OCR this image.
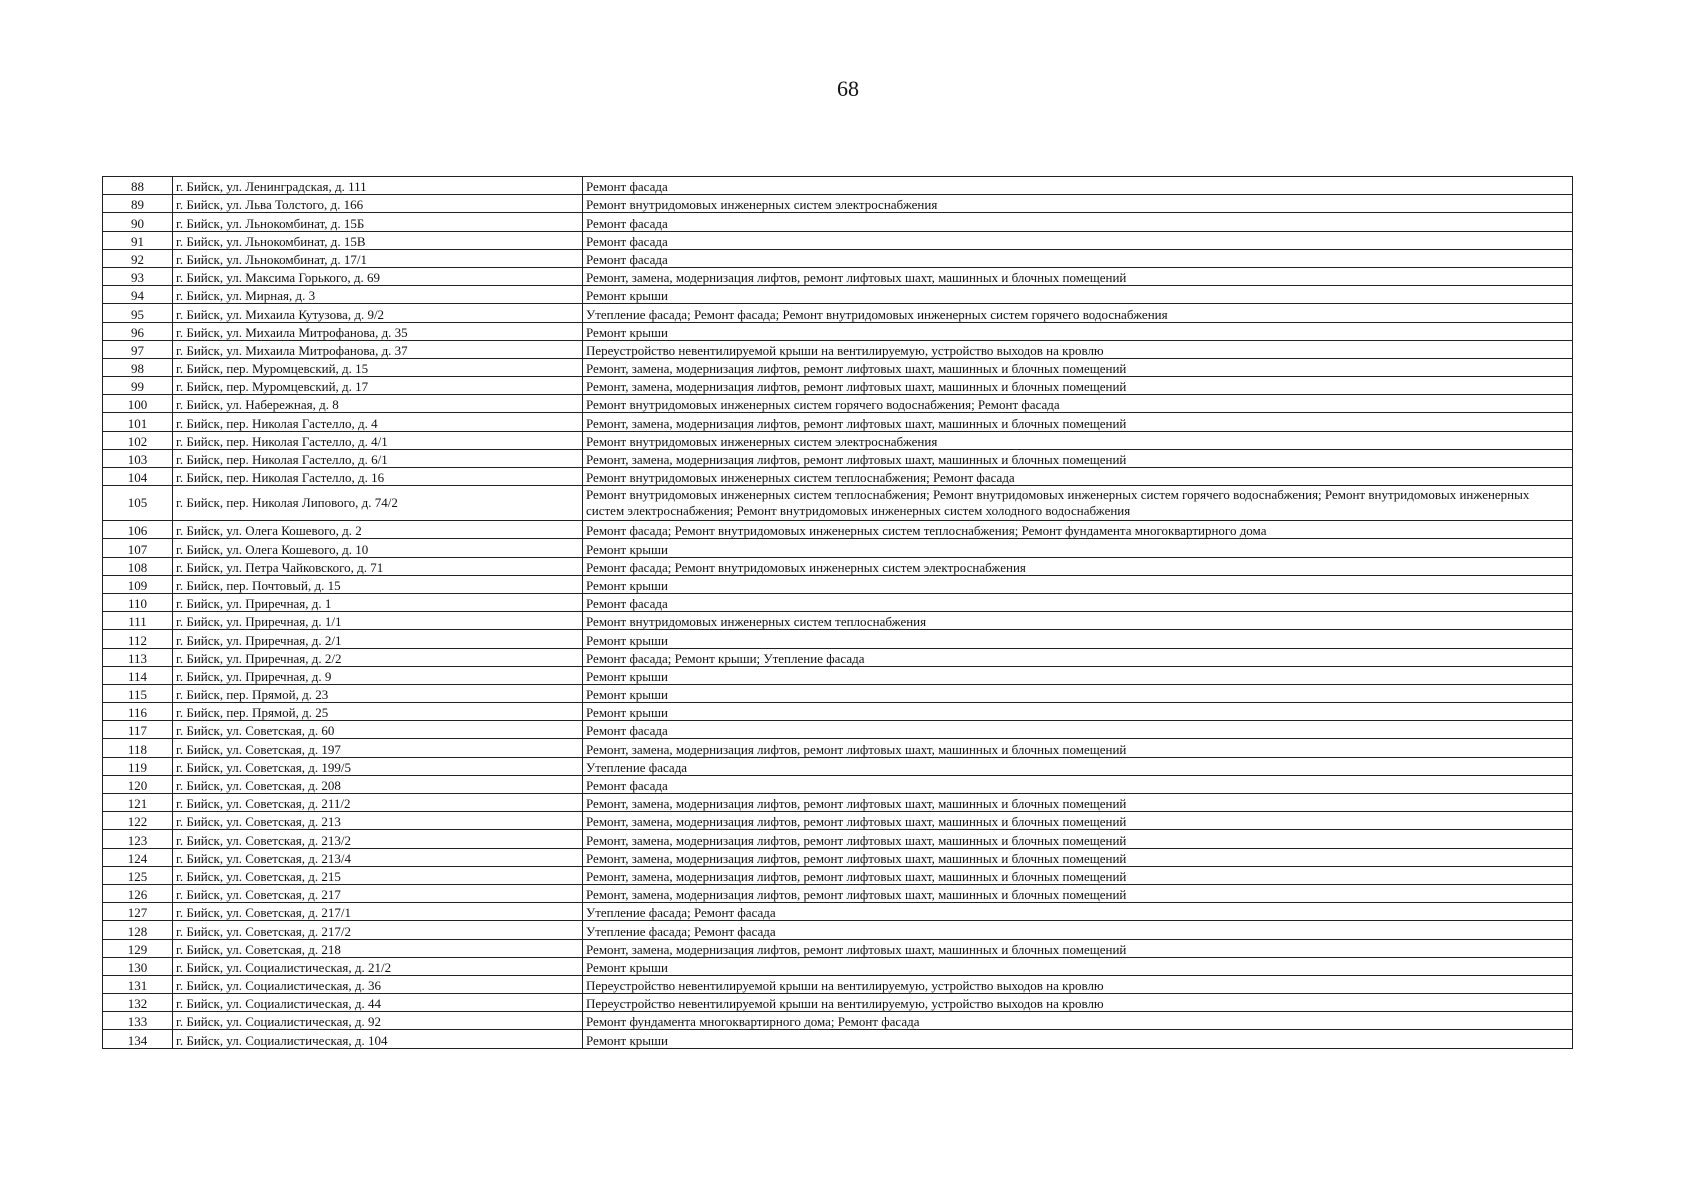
68
88	г. Бийск, ул. Ленинградская, д. 111	Ремонт фасада
89	г. Бийск, ул. Льва Толстого, д. 166	Ремонт внутридомовых инженерных систем электроснабжения
90	г. Бийск, ул. Льнокомбинат, д. 15Б	Ремонт фасада
91	г. Бийск, ул. Льнокомбинат, д. 15В	Ремонт фасада
92	г. Бийск, ул. Льнокомбинат, д. 17/1	Ремонт фасада
93	г. Бийск, ул. Максима Горького, д. 69	Ремонт, замена, модернизация лифтов, ремонт лифтовых шахт, машинных и блочных помещений
94	г. Бийск, ул. Мирная, д. 3	Ремонт крыши
95	г. Бийск, ул. Михаила Кутузова, д. 9/2	Утепление фасада; Ремонт фасада; Ремонт внутридомовых инженерных систем горячего водоснабжения
96	г. Бийск, ул. Михаила Митрофанова, д. 35	Ремонт крыши
97	г. Бийск, ул. Михаила Митрофанова, д. 37	Переустройство невентилируемой крыши на вентилируемую, устройство выходов на кровлю
98	г. Бийск, пер. Муромцевский, д. 15	Ремонт, замена, модернизация лифтов, ремонт лифтовых шахт, машинных и блочных помещений
99	г. Бийск, пер. Муромцевский, д. 17	Ремонт, замена, модернизация лифтов, ремонт лифтовых шахт, машинных и блочных помещений
100	г. Бийск, ул. Набережная, д. 8	Ремонт внутридомовых инженерных систем горячего водоснабжения; Ремонт фасада
101	г. Бийск, пер. Николая Гастелло, д. 4	Ремонт, замена, модернизация лифтов, ремонт лифтовых шахт, машинных и блочных помещений
102	г. Бийск, пер. Николая Гастелло, д. 4/1	Ремонт внутридомовых инженерных систем электроснабжения
103	г. Бийск, пер. Николая Гастелло, д. 6/1	Ремонт, замена, модернизация лифтов, ремонт лифтовых шахт, машинных и блочных помещений
104	г. Бийск, пер. Николая Гастелло, д. 16	Ремонт внутридомовых инженерных систем теплоснабжения; Ремонт фасада
105	г. Бийск, пер. Николая Липового, д. 74/2	Ремонт внутридомовых инженерных систем теплоснабжения; Ремонт внутридомовых инженерных систем горячего водоснабжения; Ремонт внутридомовых инженерных систем электроснабжения; Ремонт внутридомовых инженерных систем холодного водоснабжения
106	г. Бийск, ул. Олега Кошевого, д. 2	Ремонт фасада; Ремонт внутридомовых инженерных систем теплоснабжения; Ремонт фундамента многоквартирного дома
107	г. Бийск, ул. Олега Кошевого, д. 10	Ремонт крыши
108	г. Бийск, ул. Петра Чайковского, д. 71	Ремонт фасада; Ремонт внутридомовых инженерных систем электроснабжения
109	г. Бийск, пер. Почтовый, д. 15	Ремонт крыши
110	г. Бийск, ул. Приречная, д. 1	Ремонт фасада
111	г. Бийск, ул. Приречная, д. 1/1	Ремонт внутридомовых инженерных систем теплоснабжения
112	г. Бийск, ул. Приречная, д. 2/1	Ремонт крыши
113	г. Бийск, ул. Приречная, д. 2/2	Ремонт фасада; Ремонт крыши; Утепление фасада
114	г. Бийск, ул. Приречная, д. 9	Ремонт крыши
115	г. Бийск, пер. Прямой, д. 23	Ремонт крыши
116	г. Бийск, пер. Прямой, д. 25	Ремонт крыши
117	г. Бийск, ул. Советская, д. 60	Ремонт фасада
118	г. Бийск, ул. Советская, д. 197	Ремонт, замена, модернизация лифтов, ремонт лифтовых шахт, машинных и блочных помещений
119	г. Бийск, ул. Советская, д. 199/5	Утепление фасада
120	г. Бийск, ул. Советская, д. 208	Ремонт фасада
121	г. Бийск, ул. Советская, д. 211/2	Ремонт, замена, модернизация лифтов, ремонт лифтовых шахт, машинных и блочных помещений
122	г. Бийск, ул. Советская, д. 213	Ремонт, замена, модернизация лифтов, ремонт лифтовых шахт, машинных и блочных помещений
123	г. Бийск, ул. Советская, д. 213/2	Ремонт, замена, модернизация лифтов, ремонт лифтовых шахт, машинных и блочных помещений
124	г. Бийск, ул. Советская, д. 213/4	Ремонт, замена, модернизация лифтов, ремонт лифтовых шахт, машинных и блочных помещений
125	г. Бийск, ул. Советская, д. 215	Ремонт, замена, модернизация лифтов, ремонт лифтовых шахт, машинных и блочных помещений
126	г. Бийск, ул. Советская, д. 217	Ремонт, замена, модернизация лифтов, ремонт лифтовых шахт, машинных и блочных помещений
127	г. Бийск, ул. Советская, д. 217/1	Утепление фасада; Ремонт фасада
128	г. Бийск, ул. Советская, д. 217/2	Утепление фасада; Ремонт фасада
129	г. Бийск, ул. Советская, д. 218	Ремонт, замена, модернизация лифтов, ремонт лифтовых шахт, машинных и блочных помещений
130	г. Бийск, ул. Социалистическая, д. 21/2	Ремонт крыши
131	г. Бийск, ул. Социалистическая, д. 36	Переустройство невентилируемой крыши на вентилируемую, устройство выходов на кровлю
132	г. Бийск, ул. Социалистическая, д. 44	Переустройство невентилируемой крыши на вентилируемую, устройство выходов на кровлю
133	г. Бийск, ул. Социалистическая, д. 92	Ремонт фундамента многоквартирного дома; Ремонт фасада
134	г. Бийск, ул. Социалистическая, д. 104	Ремонт крыши
